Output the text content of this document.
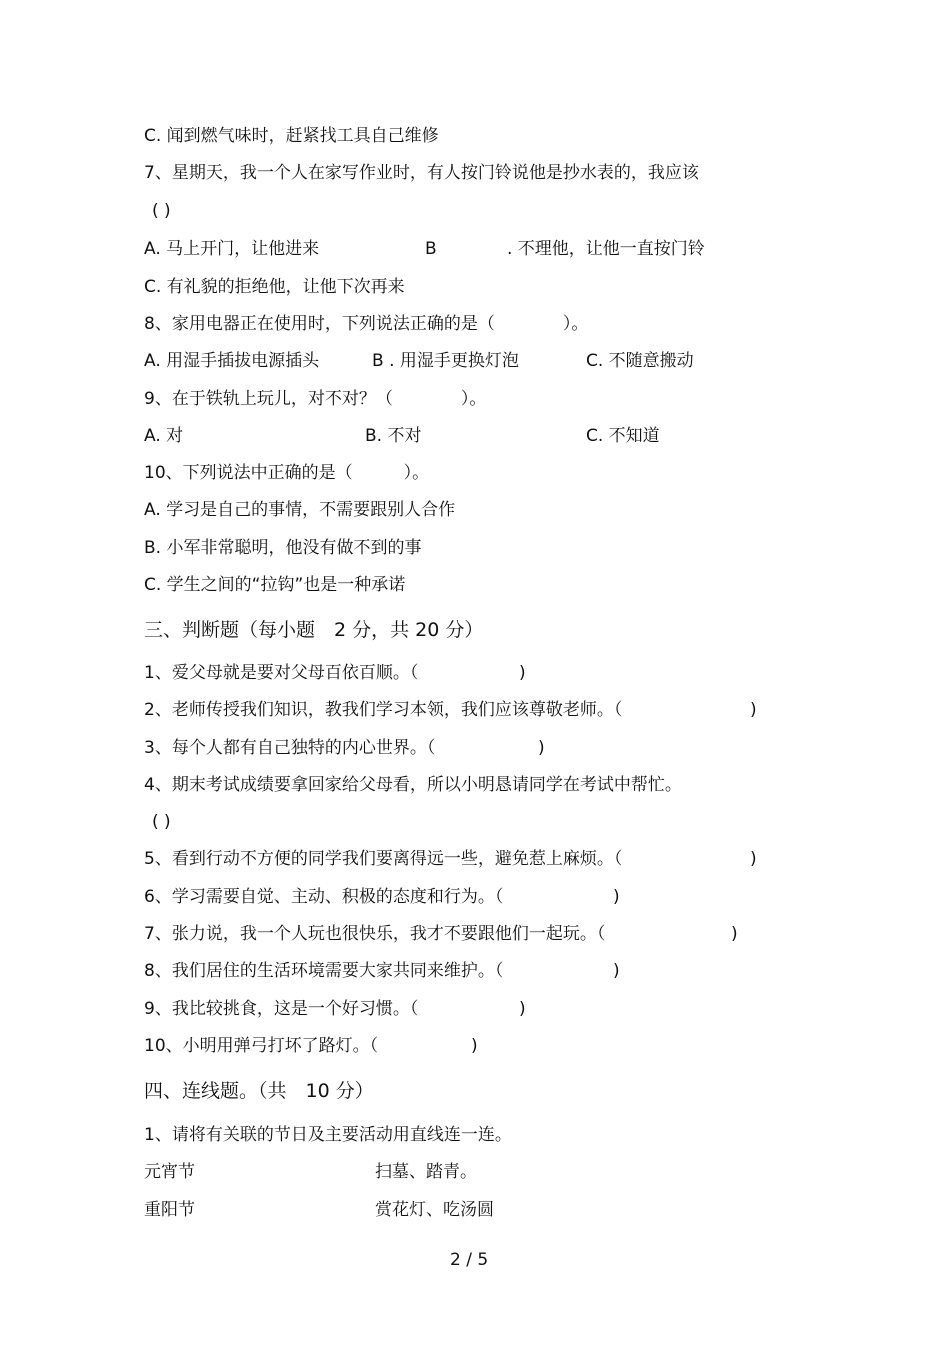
C. 闻到燃气味时，赶紧找工具自己维修
7、星期天，我一个人在家写作业时，有人按门铃说他是抄水表的，我应该
( )
A. 马上开门，让他进来	B	. 不理他，让他一直按门铃
C. 有礼貌的拒绝他，让他下次再来
8、家用电器正在使用时，下列说法正确的是（　　　　）。
A. 用湿手插拔电源插头	B . 用湿手更换灯泡	C. 不随意搬动
9、在于铁轨上玩儿，对不对？（　　　　）。
A. 对	B. 不对	C. 不知道
10、下列说法中正确的是（　　　）。
A. 学习是自己的事情，不需要跟别人合作
B. 小军非常聪明，他没有做不到的事
C. 学生之间的“拉钩”也是一种承诺
三、判断题（每小题　2 分，共 20 分）
1、爱父母就是要对父母百依百顺。（	)
2、老师传授我们知识，教我们学习本领，我们应该尊敬老师。（	)
3、每个人都有自己独特的内心世界。（	)
4、期末考试成绩要拿回家给父母看，所以小明恳请同学在考试中帮忙。
( )
5、看到行动不方便的同学我们要离得远一些，避免惹上麻烦。（	)
6、学习需要自觉、主动、积极的态度和行为。（	)
7、张力说，我一个人玩也很快乐，我才不要跟他们一起玩。（	)
8、我们居住的生活环境需要大家共同来维护。（	)
9、我比较挑食，这是一个好习惯。（	)
10、小明用弹弓打坏了路灯。（	)
四、连线题。（共　10 分）
1、请将有关联的节日及主要活动用直线连一连。
元宵节	扫墓、踏青。
重阳节	赏花灯、吃汤圆
2 / 5
